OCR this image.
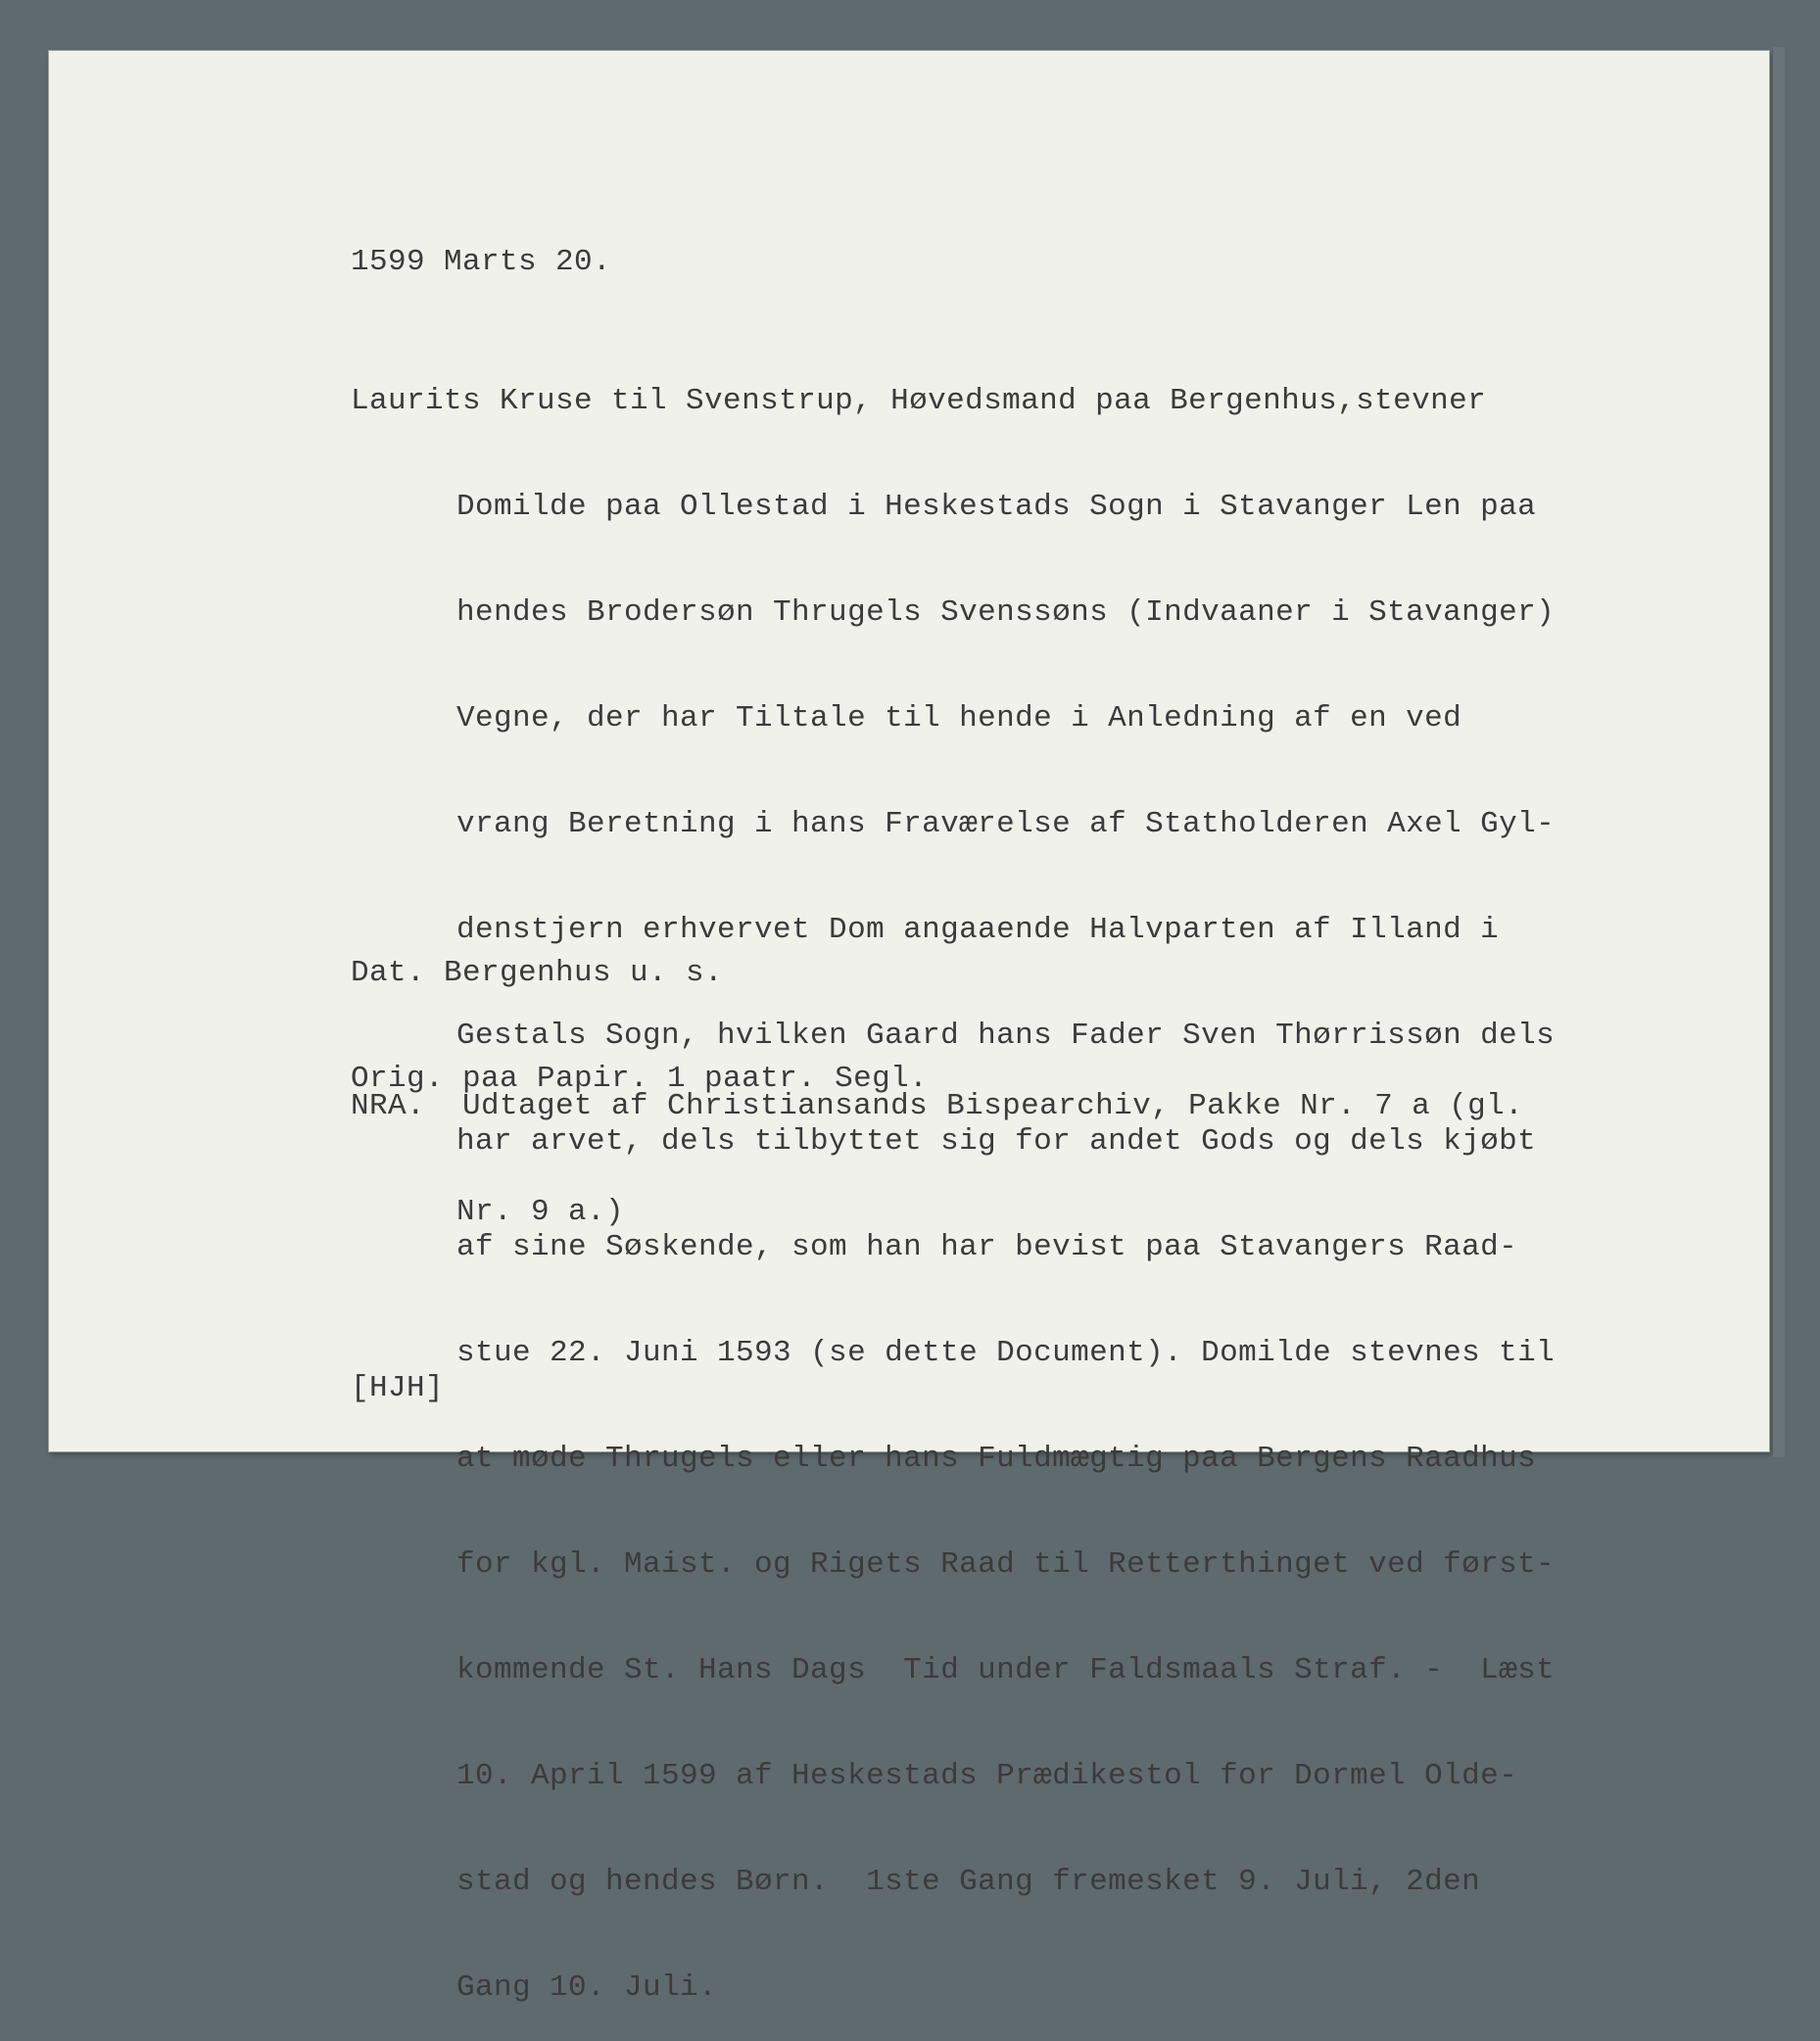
1599 Marts 20.

Laurits Kruse til Svenstrup, Høvedsmand paa Bergenhus,stevner

Domilde paa Ollestad i Heskestads Sogn i Stavanger Len paa

hendes Brodersøn Thrugels Svenssøns (Indvaaner i Stavanger)

Vegne, der har Tiltale til hende i Anledning af en ved

vrang Beretning i hans Fraværelse af Statholderen Axel Gyl-

denstjern erhvervet Dom angaaende Halvparten af Illand i

Gestals Sogn, hvilken Gaard hans Fader Sven Thørrissøn dels

har arvet, dels tilbyttet sig for andet Gods og dels kjøbt

af sine Søskende, som han har bevist paa Stavangers Raad-

stue 22. Juni 1593 (se dette Document). Domilde stevnes til

at møde Thrugels eller hans Fuldmægtig paa Bergens Raadhus

for kgl. Maist. og Rigets Raad til Retterthinget ved først-

kommende St. Hans Dags  Tid under Faldsmaals Straf. -  Læst

10. April 1599 af Heskestads Prædikestol for Dormel Olde-

stad og hendes Børn.  1ste Gang fremesket 9. Juli, 2den

Gang 10. Juli.

Dat. Bergenhus u. s.

Orig. paa Papir. 1 paatr. Segl.

NRA.  Udtaget af Christiansands Bispearchiv, Pakke Nr. 7 a (gl.

Nr. 9 a.)

[HJH]
